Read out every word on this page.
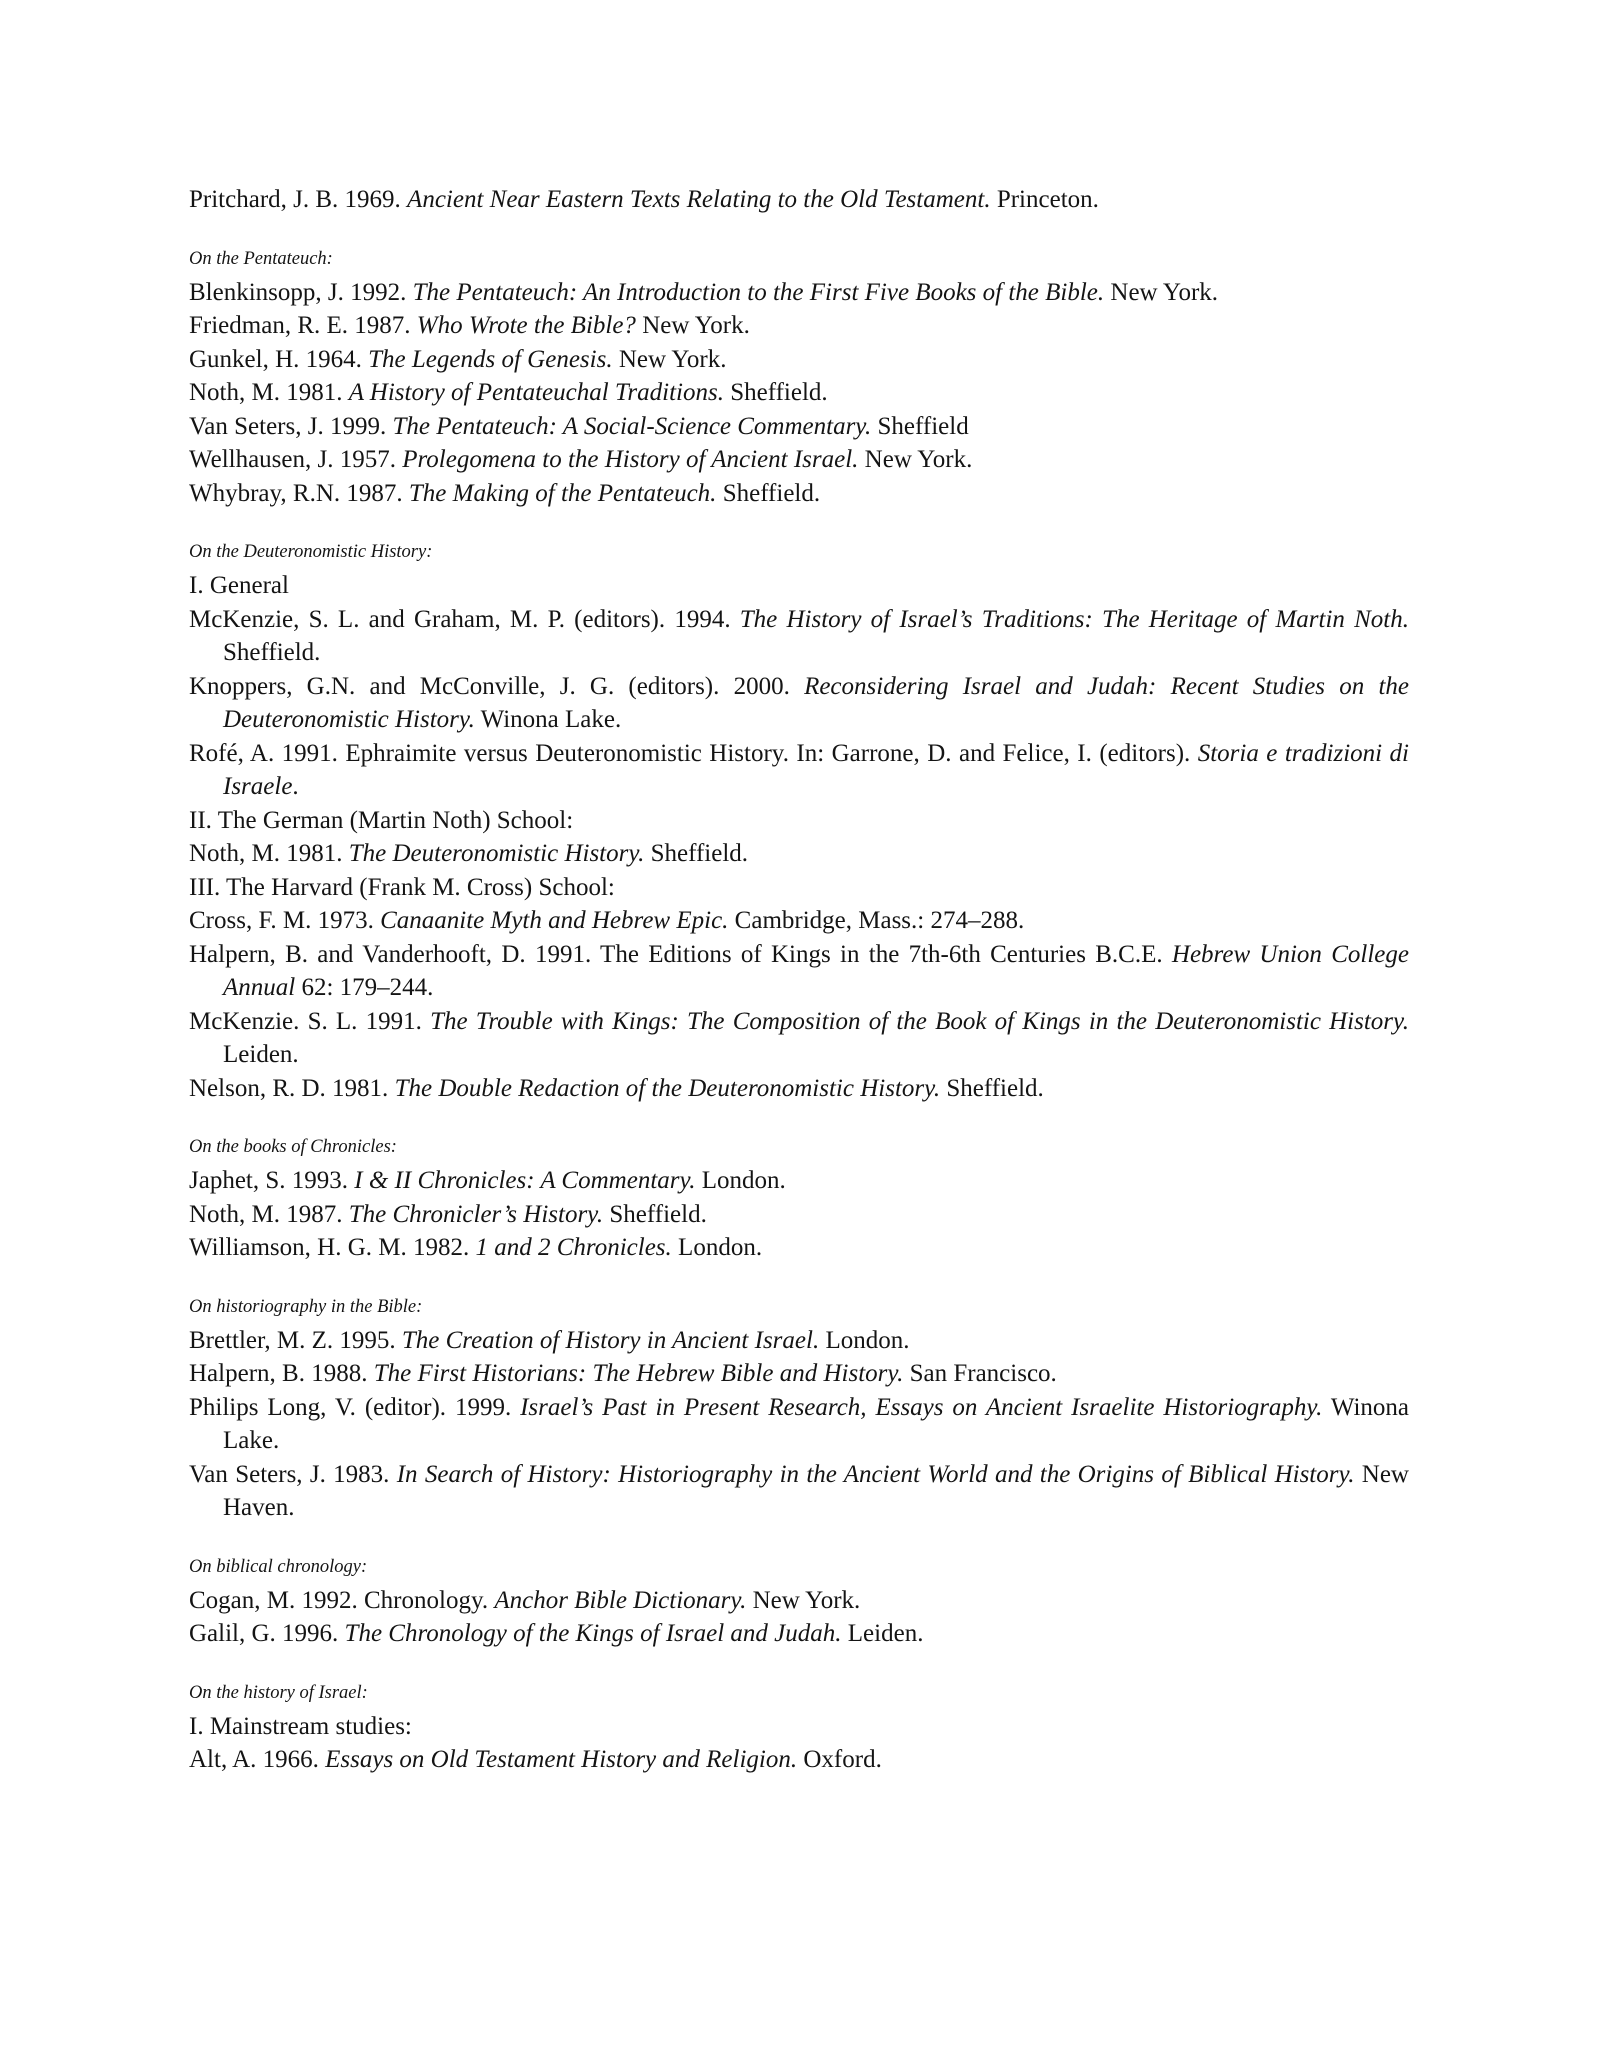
Pritchard, J. B. 1969. Ancient Near Eastern Texts Relating to the Old Testament. Princeton.

On the Pentateuch:

Blenkinsopp, J. 1992. The Pentateuch: An Introduction to the First Five Books of the Bible. New York.

Friedman, R. E. 1987. Who Wrote the Bible? New York.

Gunkel, H. 1964. The Legends of Genesis. New York.

Noth, M. 1981. A History of Pentateuchal Traditions. Sheffield.

Van Seters, J. 1999. The Pentateuch: A Social-Science Commentary. Sheffield

Wellhausen, J. 1957. Prolegomena to the History of Ancient Israel. New York.

Whybray, R.N. 1987. The Making of the Pentateuch. Sheffield.

On the Deuteronomistic History:

I. General

McKenzie, S. L. and Graham, M. P. (editors). 1994. The History of Israel’s Traditions: The Heritage of Martin Noth. Sheffield.

Knoppers, G.N. and McConville, J. G. (editors). 2000. Reconsidering Israel and Judah: Recent Studies on the Deuteronomistic History. Winona Lake.

Rofé, A. 1991. Ephraimite versus Deuteronomistic History. In: Garrone, D. and Felice, I. (editors). Storia e tradizioni di Israele.

II. The German (Martin Noth) School:

Noth, M. 1981. The Deuteronomistic History. Sheffield.

III. The Harvard (Frank M. Cross) School:

Cross, F. M. 1973. Canaanite Myth and Hebrew Epic. Cambridge, Mass.: 274–288.

Halpern, B. and Vanderhooft, D. 1991. The Editions of Kings in the 7th-6th Centuries B.C.E. Hebrew Union College Annual 62: 179–244.

McKenzie. S. L. 1991. The Trouble with Kings: The Composition of the Book of Kings in the Deuteronomistic History. Leiden.

Nelson, R. D. 1981. The Double Redaction of the Deuteronomistic History. Sheffield.

On the books of Chronicles:

Japhet, S. 1993. I & II Chronicles: A Commentary. London.

Noth, M. 1987. The Chronicler’s History. Sheffield.

Williamson, H. G. M. 1982. 1 and 2 Chronicles. London.

On historiography in the Bible:

Brettler, M. Z. 1995. The Creation of History in Ancient Israel. London.

Halpern, B. 1988. The First Historians: The Hebrew Bible and History. San Francisco.

Philips Long, V. (editor). 1999. Israel’s Past in Present Research, Essays on Ancient Israelite Historiography. Winona Lake.

Van Seters, J. 1983. In Search of History: Historiography in the Ancient World and the Origins of Biblical History. New Haven.

On biblical chronology:

Cogan, M. 1992. Chronology. Anchor Bible Dictionary. New York.

Galil, G. 1996. The Chronology of the Kings of Israel and Judah. Leiden.

On the history of Israel:

I. Mainstream studies:

Alt, A. 1966. Essays on Old Testament History and Religion. Oxford.
